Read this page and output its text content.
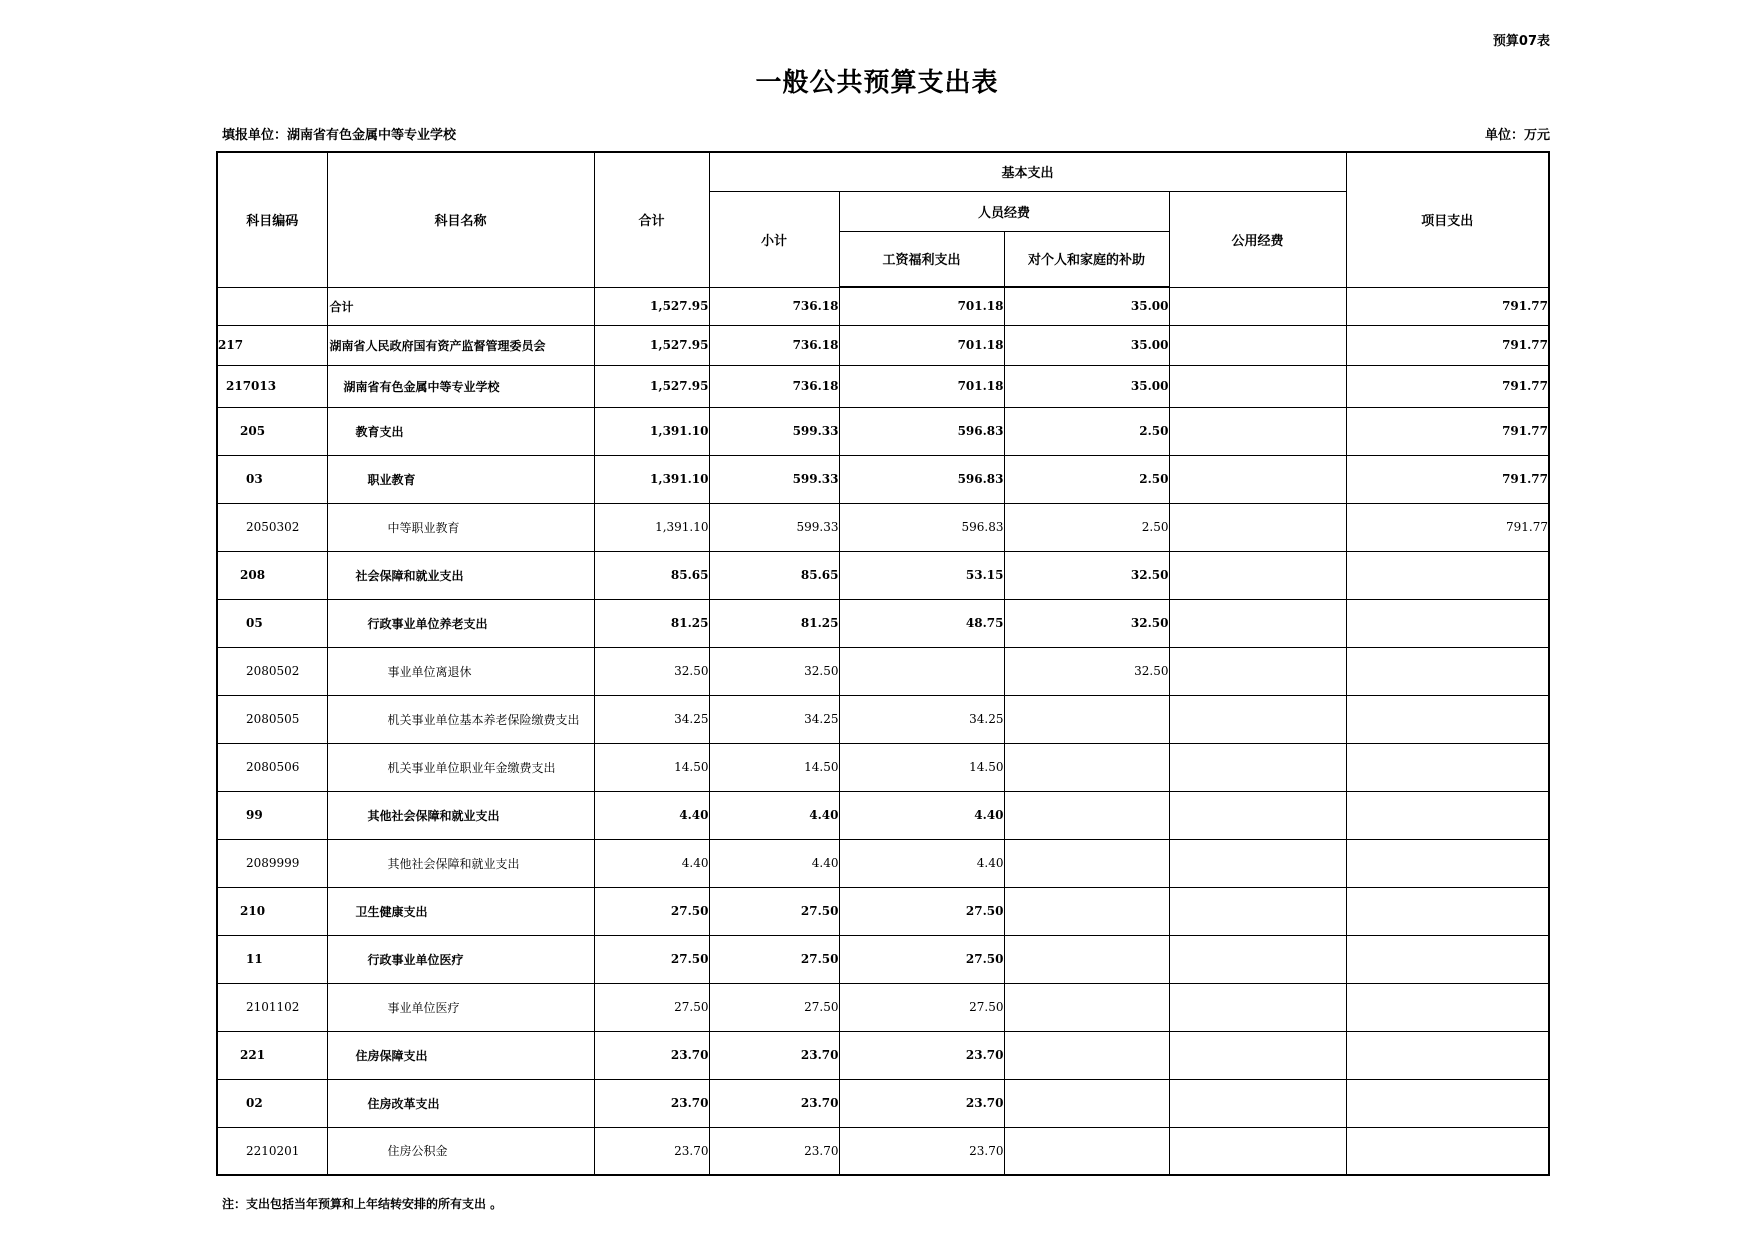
预算07表
一般公共预算支出表
填报单位：湖南省有色金属中等专业学校	单位：万元
科目编码	科目名称	合计	基本支出				项目支出
			小计	人员经费		公用经费	
				工资福利支出	对个人和家庭的补助		
	合计	1,527.95	736.18	701.18	35.00		791.77
217	湖南省人民政府国有资产监督管理委员会	1,527.95	736.18	701.18	35.00		791.77
217013	湖南省有色金属中等专业学校	1,527.95	736.18	701.18	35.00		791.77
205	教育支出	1,391.10	599.33	596.83	2.50		791.77
03	职业教育	1,391.10	599.33	596.83	2.50		791.77
2050302	中等职业教育	1,391.10	599.33	596.83	2.50		791.77
208	社会保障和就业支出	85.65	85.65	53.15	32.50		
05	行政事业单位养老支出	81.25	81.25	48.75	32.50		
2080502	事业单位离退休	32.50	32.50		32.50		
2080505	机关事业单位基本养老保险缴费支出	34.25	34.25	34.25			
2080506	机关事业单位职业年金缴费支出	14.50	14.50	14.50			
99	其他社会保障和就业支出	4.40	4.40	4.40			
2089999	其他社会保障和就业支出	4.40	4.40	4.40			
210	卫生健康支出	27.50	27.50	27.50			
11	行政事业单位医疗	27.50	27.50	27.50			
2101102	事业单位医疗	27.50	27.50	27.50			
221	住房保障支出	23.70	23.70	23.70			
02	住房改革支出	23.70	23.70	23.70			
2210201	住房公积金	23.70	23.70	23.70			
注：支出包括当年预算和上年结转安排的所有支出 。
